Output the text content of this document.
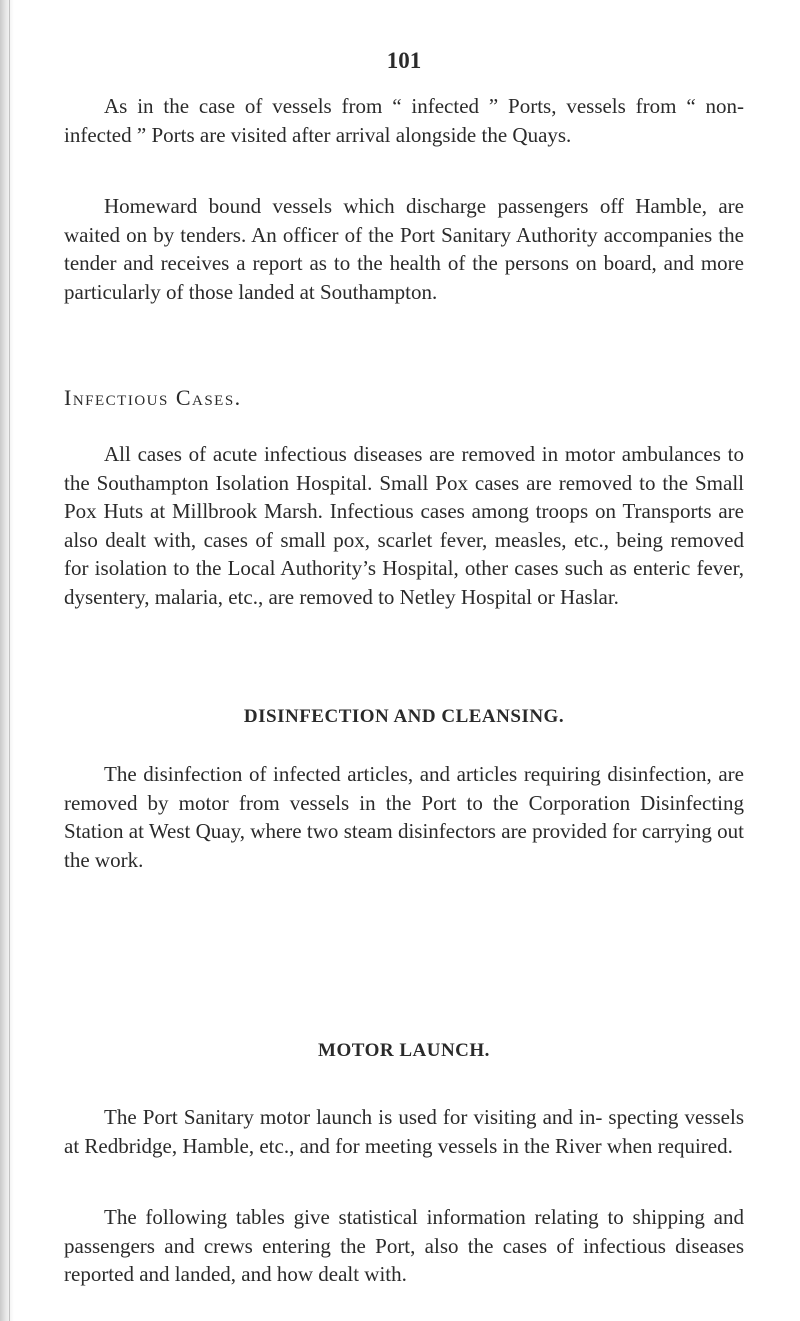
101

As in the case of vessels from “ infected ” Ports, vessels from “ non-infected ” Ports are visited after arrival alongside the Quays.

Homeward bound vessels which discharge passengers off Hamble, are waited on by tenders. An officer of the Port Sanitary Authority accompanies the tender and receives a report as to the health of the persons on board, and more particularly of those landed at Southampton.

Infectious Cases.

All cases of acute infectious diseases are removed in motor ambulances to the Southampton Isolation Hospital. Small Pox cases are removed to the Small Pox Huts at Millbrook Marsh. Infectious cases among troops on Transports are also dealt with, cases of small pox, scarlet fever, measles, etc., being removed for isolation to the Local Authority’s Hospital, other cases such as enteric fever, dysentery, malaria, etc., are removed to Netley Hospital or Haslar.

DISINFECTION AND CLEANSING.

The disinfection of infected articles, and articles requiring disinfection, are removed by motor from vessels in the Port to the Corporation Disinfecting Station at West Quay, where two steam disinfectors are provided for carrying out the work.

MOTOR LAUNCH.

The Port Sanitary motor launch is used for visiting and in- specting vessels at Redbridge, Hamble, etc., and for meeting vessels in the River when required.

The following tables give statistical information relating to shipping and passengers and crews entering the Port, also the cases of infectious diseases reported and landed, and how dealt with.
